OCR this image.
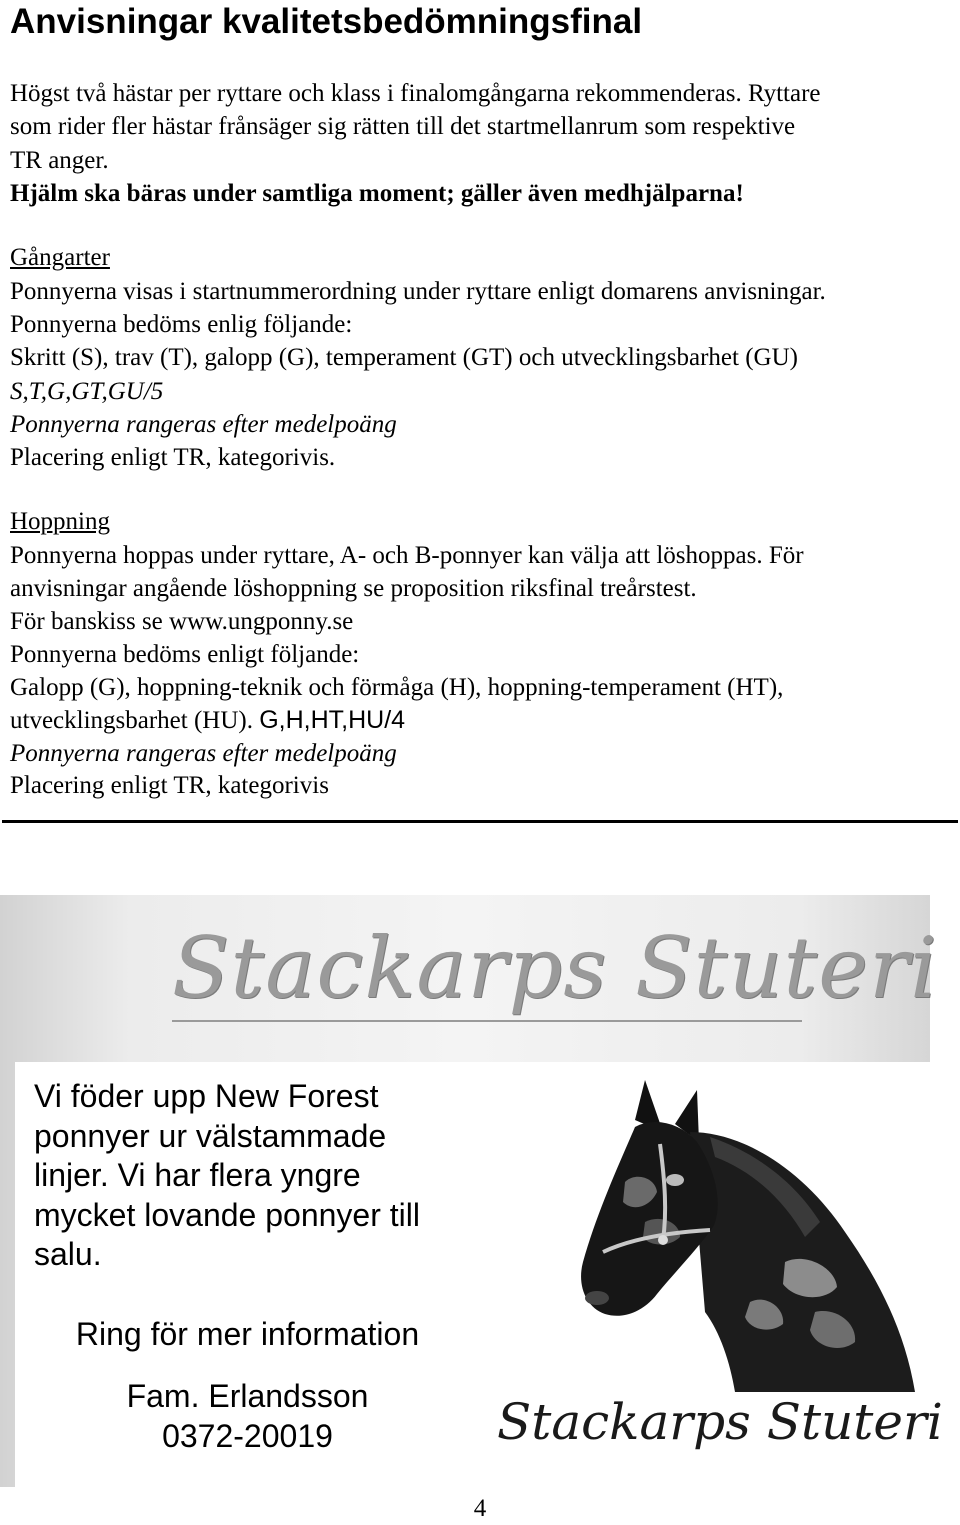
Anvisningar kvalitetsbedömningsfinal
Högst två hästar per ryttare och klass i finalomgångarna rekommenderas. Ryttare
som rider fler hästar frånsäger sig rätten till det startmellanrum som respektive
TR anger.
Hjälm ska bäras under samtliga moment; gäller även medhjälparna!
Gångarter
Ponnyerna visas i startnummerordning under ryttare enligt domarens anvisningar.
Ponnyerna bedöms enlig följande:
Skritt (S), trav (T), galopp (G), temperament (GT) och utvecklingsbarhet (GU)
S,T,G,GT,GU/5
Ponnyerna rangeras efter medelpoäng
Placering enligt TR, kategorivis.
Hoppning
Ponnyerna hoppas under ryttare, A- och B-ponnyer kan välja att löshoppas. För
anvisningar angående löshoppning se proposition riksfinal treårstest.
För banskiss se www.ungponny.se
Ponnyerna bedöms enligt följande:
Galopp (G), hoppning-teknik och förmåga (H), hoppning-temperament (HT),
utvecklingsbarhet (HU). G,H,HT,HU/4
Ponnyerna rangeras efter medelpoäng
Placering enligt TR, kategorivis
Stackarps Stuteri
Vi föder upp New Forest
ponnyer ur välstammade
linjer. Vi har flera yngre
mycket lovande ponnyer till
salu.
Ring för mer information
Fam. Erlandsson
0372-20019	Stackarps Stuteri
4
